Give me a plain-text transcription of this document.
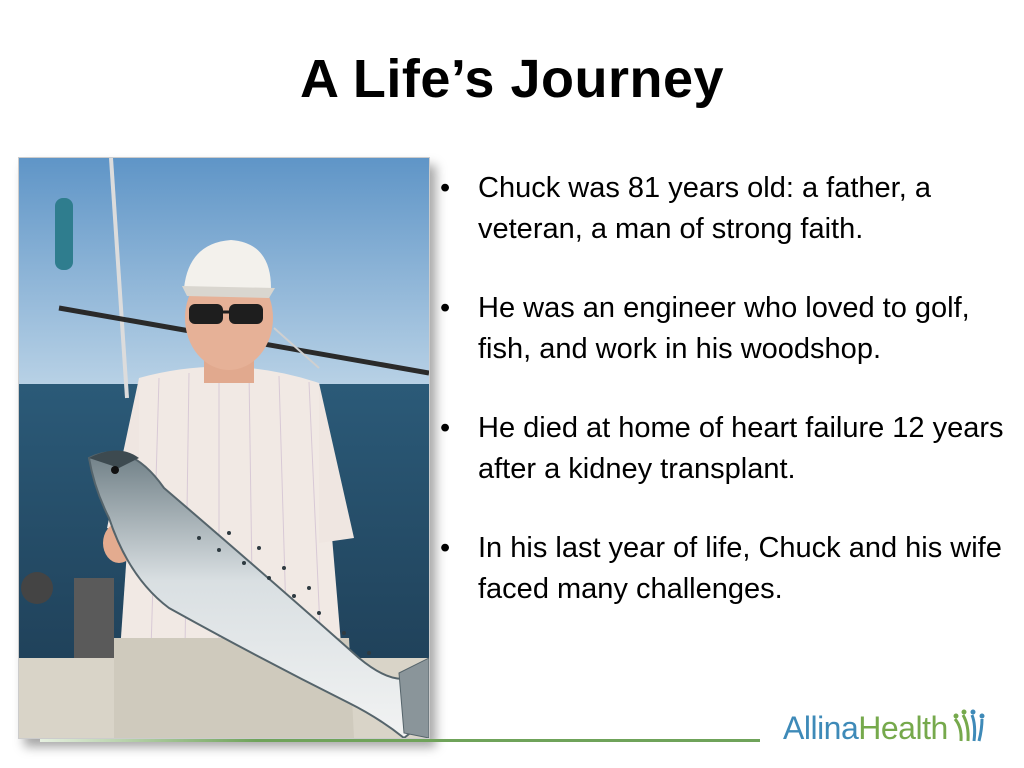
A Life’s Journey
• Chuck was 81 years old: a father, a veteran, a man of strong faith.
• He was an engineer who loved to golf, fish, and work in his woodshop.
• He died at home of heart failure 12 years after a kidney transplant.
• In his last year of life, Chuck and his wife faced many challenges.
Allina Health
